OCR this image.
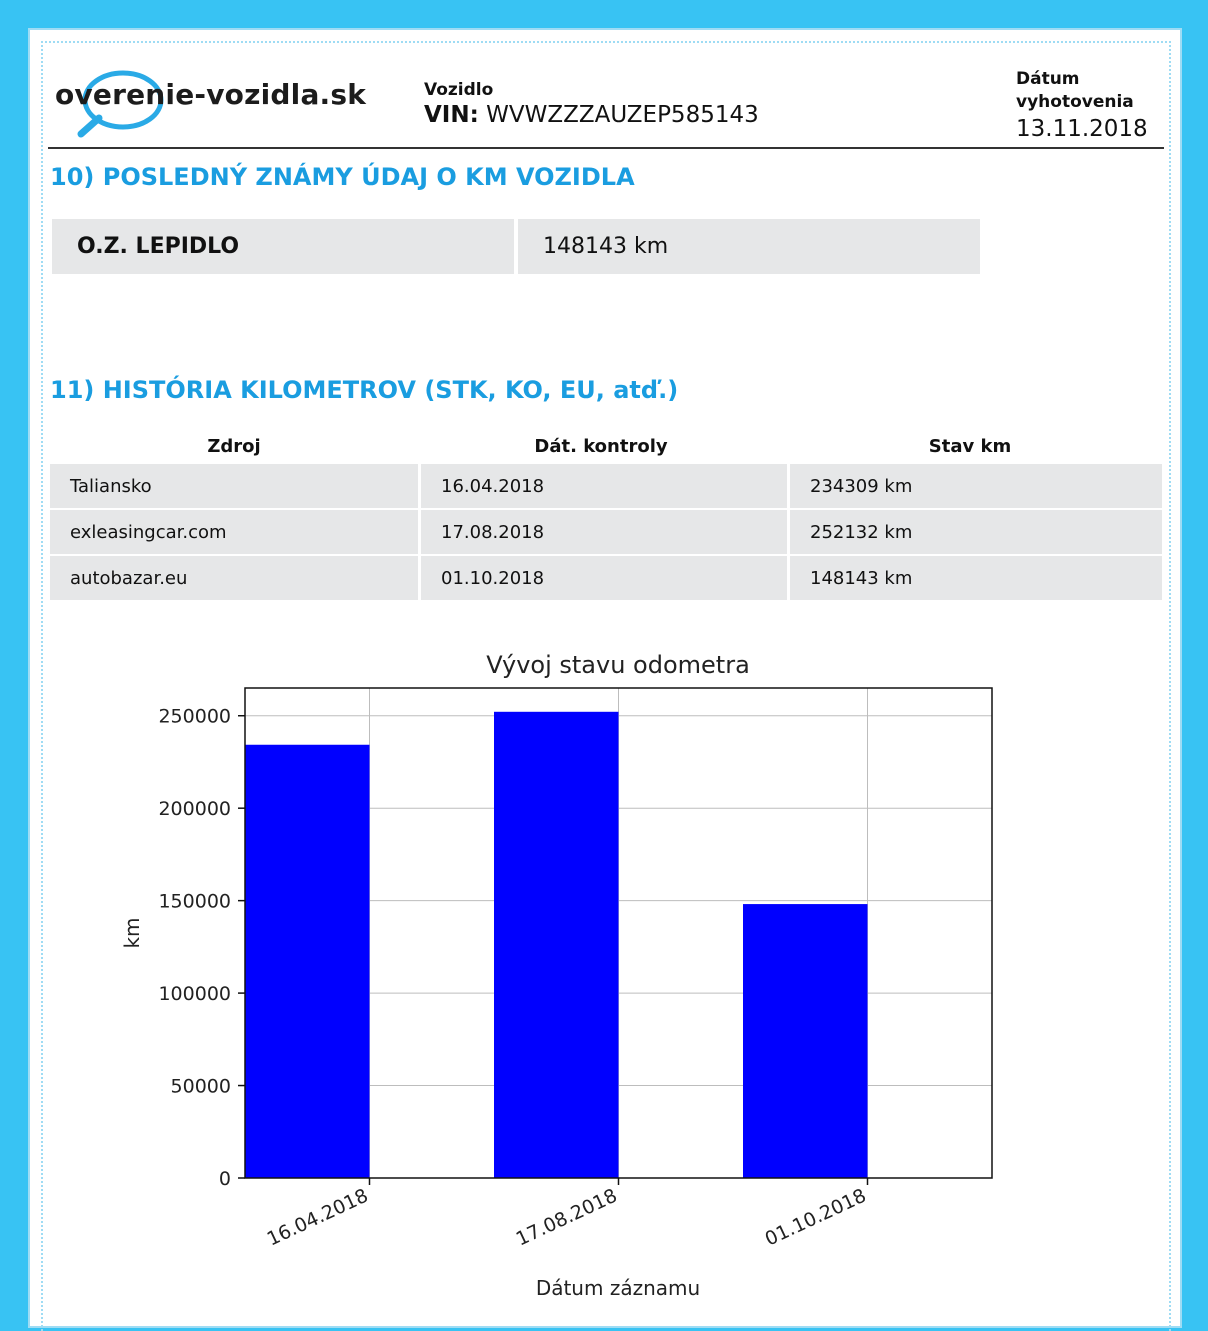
overenie-vozidla.sk	Vozidlo
VIN: WVWZZZAUZEP585143
Dátum
vyhotovenia
13.11.2018
10) POSLEDNÝ ZNÁMY ÚDAJ O KM VOZIDLA
O.Z. LEPIDLO	148143 km
11) HISTÓRIA KILOMETROV (STK, KO, EU, atď.)
Zdroj	Dát. kontroly	Stav km
Taliansko	16.04.2018	234309 km
exleasingcar.com	17.08.2018	252132 km
autobazar.eu	01.10.2018	148143 km
Vývoj stavu odometra
Dátum záznamu
km
0
50000
100000
150000
200000
250000
16.04.2018	17.08.2018	01.10.2018
